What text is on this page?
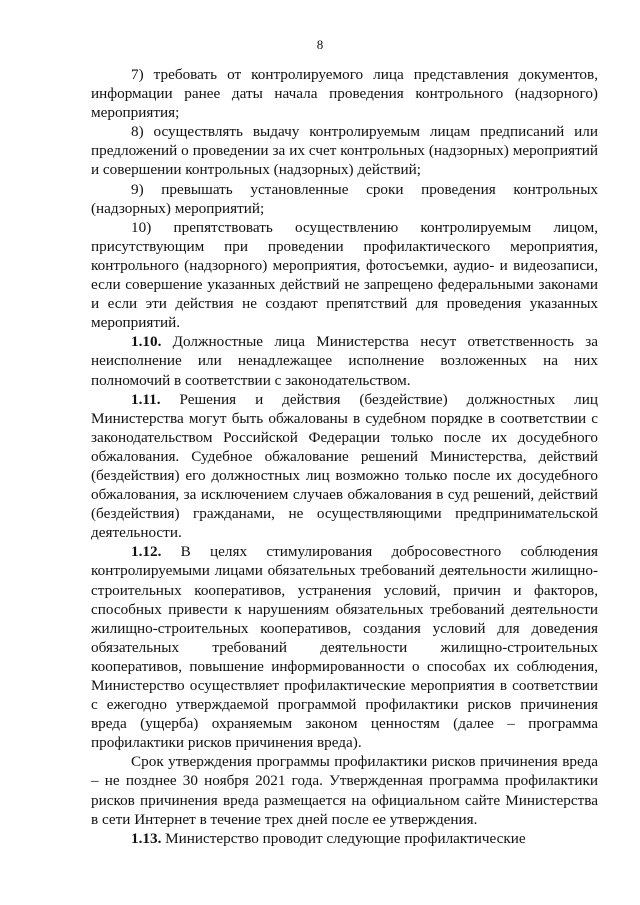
8

7) требовать от контролируемого лица представления документов, информации ранее даты начала проведения контрольного (надзорного) мероприятия;

8) осуществлять выдачу контролируемым лицам предписаний или предложений о проведении за их счет контрольных (надзорных) мероприятий и совершении контрольных (надзорных) действий;

9) превышать установленные сроки проведения контрольных (надзорных) мероприятий;

10) препятствовать осуществлению контролируемым лицом, присутствующим при проведении профилактического мероприятия, контрольного (надзорного) мероприятия, фотосъемки, аудио- и видеозаписи, если совершение указанных действий не запрещено федеральными законами и если эти действия не создают препятствий для проведения указанных мероприятий.

1.10. Должностные лица Министерства несут ответственность за неисполнение или ненадлежащее исполнение возложенных на них полномочий в соответствии с законодательством.

1.11. Решения и действия (бездействие) должностных лиц Министерства могут быть обжалованы в судебном порядке в соответствии с законодательством Российской Федерации только после их досудебного обжалования. Судебное обжалование решений Министерства, действий (бездействия) его должностных лиц возможно только после их досудебного обжалования, за исключением случаев обжалования в суд решений, действий (бездействия) гражданами, не осуществляющими предпринимательской деятельности.

1.12. В целях стимулирования добросовестного соблюдения контролируемыми лицами обязательных требований деятельности жилищно-строительных кооперативов, устранения условий, причин и факторов, способных привести к нарушениям обязательных требований деятельности жилищно-строительных кооперативов, создания условий для доведения обязательных требований деятельности жилищно-строительных кооперативов, повышение информированности о способах их соблюдения, Министерство осуществляет профилактические мероприятия в соответствии с ежегодно утверждаемой программой профилактики рисков причинения вреда (ущерба) охраняемым законом ценностям (далее – программа профилактики рисков причинения вреда).

Срок утверждения программы профилактики рисков причинения вреда – не позднее 30 ноября 2021 года. Утвержденная программа профилактики рисков причинения вреда размещается на официальном сайте Министерства в сети Интернет в течение трех дней после ее утверждения.

1.13. Министерство проводит следующие профилактические
